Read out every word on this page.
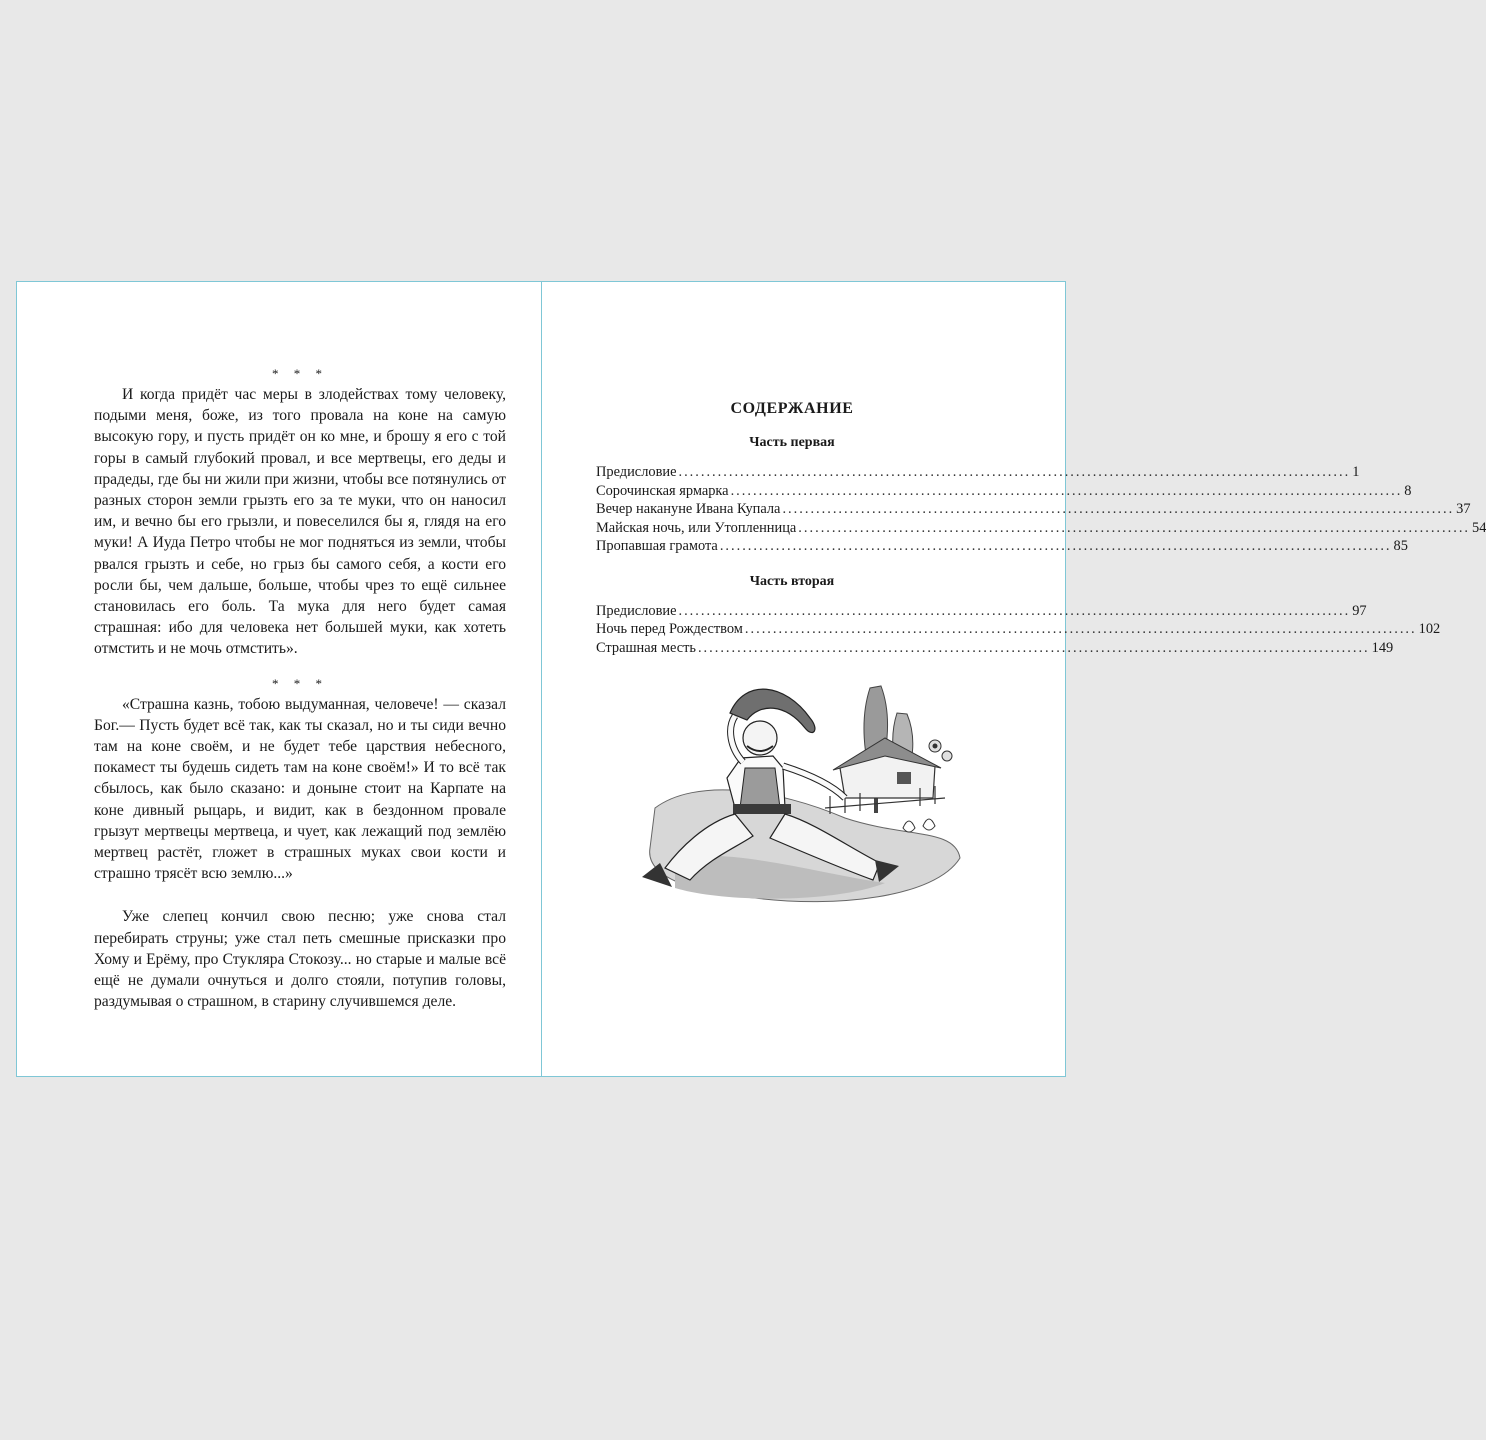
* * *

И когда придёт час меры в злодействах тому человеку, подыми меня, боже, из того провала на коне на самую высокую гору, и пусть придёт он ко мне, и брошу я его с той горы в самый глубокий провал, и все мертвецы, его деды и прадеды, где бы ни жили при жизни, чтобы все потянулись от разных сторон земли грызть его за те муки, что он наносил им, и вечно бы его грызли, и повеселился бы я, глядя на его муки! А Иуда Петро чтобы не мог подняться из земли, чтобы рвался грызть и себе, но грыз бы самого себя, а кости его росли бы, чем дальше, больше, чтобы чрез то ещё сильнее становилась его боль. Та мука для него будет самая страшная: ибо для человека нет большей муки, как хотеть отмстить и не мочь отмстить».

* * *

«Страшна казнь, тобою выдуманная, человече! — сказал Бог.— Пусть будет всё так, как ты сказал, но и ты сиди вечно там на коне своём, и не будет тебе царствия небесного, покамест ты будешь сидеть там на коне своём!» И то всё так сбылось, как было сказано: и доныне стоит на Карпате на коне дивный рыцарь, и видит, как в бездонном провале грызут мертвецы мертвеца, и чует, как лежащий под землёю мертвец растёт, гложет в страшных муках свои кости и страшно трясёт всю землю...»

Уже слепец кончил свою песню; уже снова стал перебирать струны; уже стал петь смешные присказки про Хому и Ерёму, про Стукляра Стокозу... но старые и малые всё ещё не думали очнуться и долго стояли, потупив головы, раздумывая о страшном, в старину случившемся деле.

СОДЕРЖАНИЕ
Часть первая
Предисловие ........................................................................................................................ 1
Сорочинская ярмарка ........................................................................................................................ 8
Вечер накануне Ивана Купала ........................................................................................................................ 37
Майская ночь, или Утопленница ........................................................................................................................ 54
Пропавшая грамота ........................................................................................................................ 85
Часть вторая
Предисловие ........................................................................................................................ 97
Ночь перед Рождеством ........................................................................................................................ 102
Страшная месть ........................................................................................................................ 149
